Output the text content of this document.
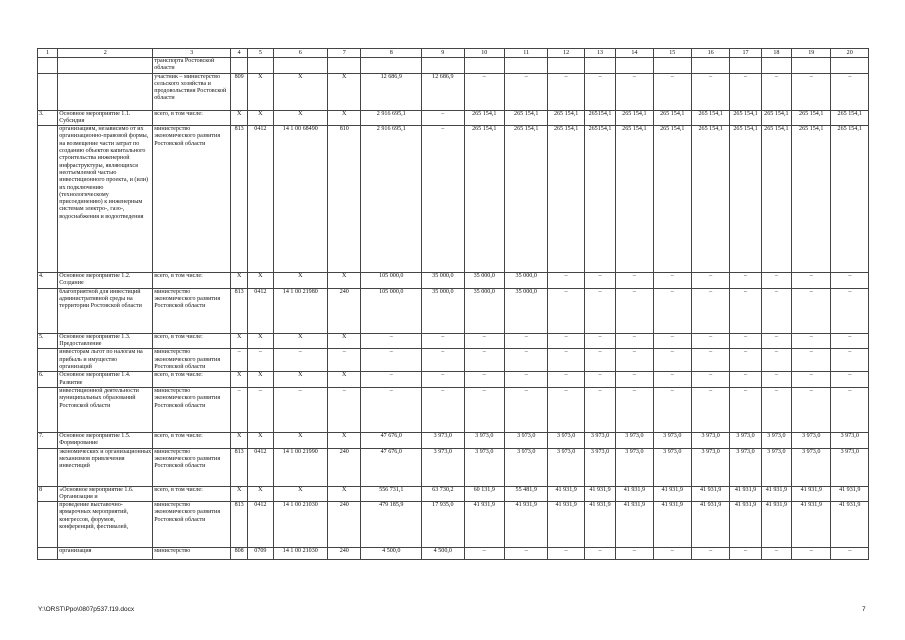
1	2	3	4	5	6	7	8	9	10	11	12	13	14	15	16	17	18	19	20
		транспорта Ростовской области																	
		участник – министерство сельского хозяйства и продовольствия Ростовской области	809	X	X	X	12 686,9	12 686,9	–	–	–	–	–	–	–	–	–	–	–
3.	Основное мероприятие 1.1. Субсидия	всего, в том числе:	X	X	X	X	2 916 695,1	–	265 154,1	265 154,1	265 154,1	265154,1	265 154,1	265 154,1	265 154,1	265 154,1	265 154,1	265 154,1	265 154,1
	организациям, независимо от их организационно-правовой формы, на возмещение части затрат по созданию объектов капитального строительства инженерной инфраструктуры, являющихся неотъемлемой частью инвестиционного проекта, и (или) их подключению (технологическому присоединению) к инженерным системам электро-, газо-, водоснабжения и водоотведения	министерство экономического развития Ростовской области	813	0412	14 1 00 68490	810	2 916 695,1	–	265 154,1	265 154,1	265 154,1	265154,1	265 154,1	265 154,1	265 154,1	265 154,1	265 154,1	265 154,1	265 154,1
4.	Основное мероприятие 1.2. Создание	всего, в том числе:	X	X	X	X	105 000,0	35 000,0	35 000,0	35 000,0	–	–	–	–	–	–	–	–	–
	благоприятной для инвестиций административной среды на территории Ростовской области	министерство экономического развития Ростовской области	813	0412	14 1 00 21980	240	105 000,0	35 000,0	35 000,0	35 000,0	–	–	–	–	–	–	–	–	–
5.	Основное мероприятие 1.3. Предоставление	всего, в том числе:	X	X	X	X	–	–	–	–	–	–	–	–	–	–	–	–	–
	инвесторам льгот по налогам на прибыль и имущество организаций	министерство экономического развития Ростовской области	–	–	–	–	–	–	–	–	–	–	–	–	–	–	–	–	–
6.	Основное мероприятие 1.4. Развитие	всего, в том числе:	X	X	X	X	–	–	–	–	–	–	–	–	–	–	–	–	–
	инвестиционной деятельности муниципальных образований Ростовской области	министерство экономического развития Ростовской области	–	–	–	–	–	–	–	–	–	–	–	–	–	–	–	–	–
7.	Основное мероприятие 1.5. Формирование	всего, в том числе:	X	X	X	X	47 676,0	3 973,0	3 973,0	3 973,0	3 973,0	3 973,0	3 973,0	3 973,0	3 973,0	3 973,0	3 973,0	3 973,0	3 973,0
	экономических и организационных механизмов привлечения инвестиций	министерство экономического развития Ростовской области	813	0412	14 1 00 21990	240	47 676,0	3 973,0	3 973,0	3 973,0	3 973,0	3 973,0	3 973,0	3 973,0	3 973,0	3 973,0	3 973,0	3 973,0	3 973,0
8	«Основное мероприятие 1.6. Организация и	всего, в том числе:	X	X	X	X	556 731,1	63 730,2	60 131,9	55 481,9	41 931,9	41 931,9	41 931,9	41 931,9	41 931,9	41 931,9	41 931,9	41 931,9	41 931,9
	проведение выставочно-ярмарочных мероприятий, конгрессов, форумов, конференций, фестивалей,	министерство экономического развития Ростовской области	813	0412	14 1 00 21030	240	479 185,9	17 935,0	41 931,9	41 931,9	41 931,9	41 931,9	41 931,9	41 931,9	41 931,9	41 931,9	41 931,9	41 931,9	41 931,9
	организация	министерство	808	0709	14 1 00 21030	240	4 500,0	4 500,0	–	–	–	–	–	–	–	–	–	–	–
Y:\ORST\Ppo\0807p537.f19.docx	7
